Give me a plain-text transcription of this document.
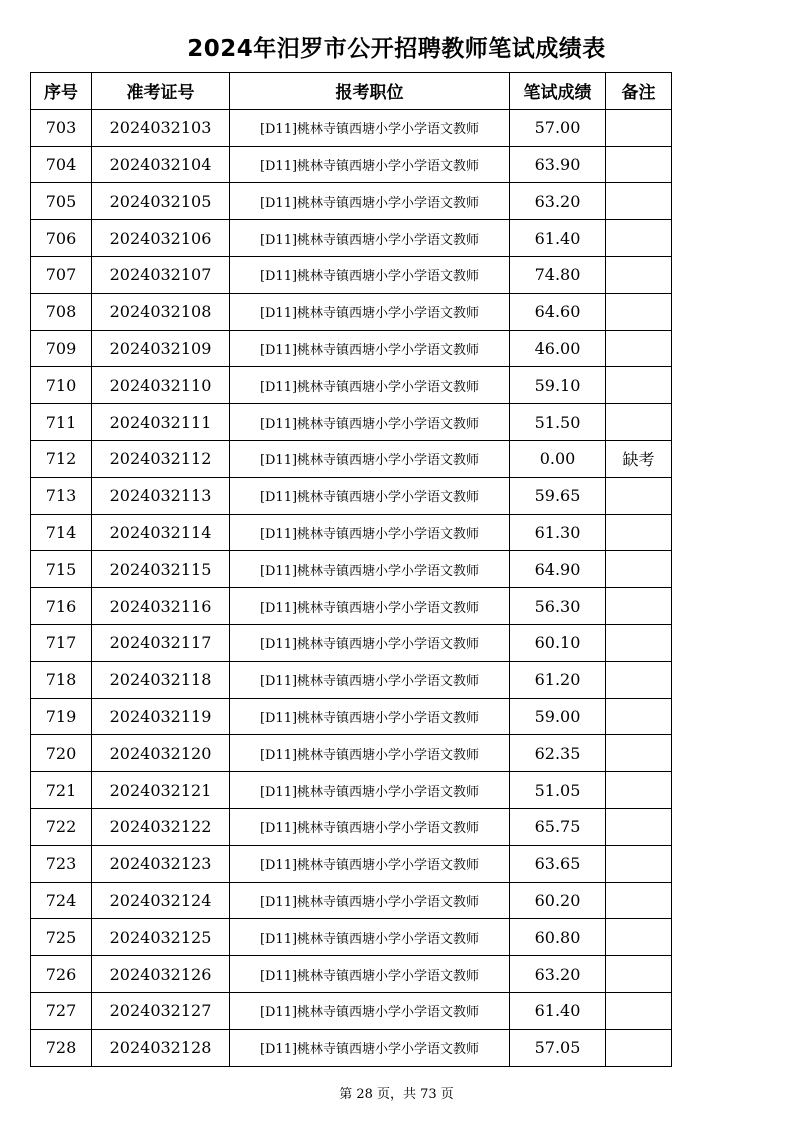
2024年汨罗市公开招聘教师笔试成绩表
序号	准考证号	报考职位	笔试成绩	备注
703	2024032103	[D11]桃林寺镇西塘小学小学语文教师	57.00	
704	2024032104	[D11]桃林寺镇西塘小学小学语文教师	63.90	
705	2024032105	[D11]桃林寺镇西塘小学小学语文教师	63.20	
706	2024032106	[D11]桃林寺镇西塘小学小学语文教师	61.40	
707	2024032107	[D11]桃林寺镇西塘小学小学语文教师	74.80	
708	2024032108	[D11]桃林寺镇西塘小学小学语文教师	64.60	
709	2024032109	[D11]桃林寺镇西塘小学小学语文教师	46.00	
710	2024032110	[D11]桃林寺镇西塘小学小学语文教师	59.10	
711	2024032111	[D11]桃林寺镇西塘小学小学语文教师	51.50	
712	2024032112	[D11]桃林寺镇西塘小学小学语文教师	0.00	缺考
713	2024032113	[D11]桃林寺镇西塘小学小学语文教师	59.65	
714	2024032114	[D11]桃林寺镇西塘小学小学语文教师	61.30	
715	2024032115	[D11]桃林寺镇西塘小学小学语文教师	64.90	
716	2024032116	[D11]桃林寺镇西塘小学小学语文教师	56.30	
717	2024032117	[D11]桃林寺镇西塘小学小学语文教师	60.10	
718	2024032118	[D11]桃林寺镇西塘小学小学语文教师	61.20	
719	2024032119	[D11]桃林寺镇西塘小学小学语文教师	59.00	
720	2024032120	[D11]桃林寺镇西塘小学小学语文教师	62.35	
721	2024032121	[D11]桃林寺镇西塘小学小学语文教师	51.05	
722	2024032122	[D11]桃林寺镇西塘小学小学语文教师	65.75	
723	2024032123	[D11]桃林寺镇西塘小学小学语文教师	63.65	
724	2024032124	[D11]桃林寺镇西塘小学小学语文教师	60.20	
725	2024032125	[D11]桃林寺镇西塘小学小学语文教师	60.80	
726	2024032126	[D11]桃林寺镇西塘小学小学语文教师	63.20	
727	2024032127	[D11]桃林寺镇西塘小学小学语文教师	61.40	
728	2024032128	[D11]桃林寺镇西塘小学小学语文教师	57.05	
第 28 页，共 73 页
